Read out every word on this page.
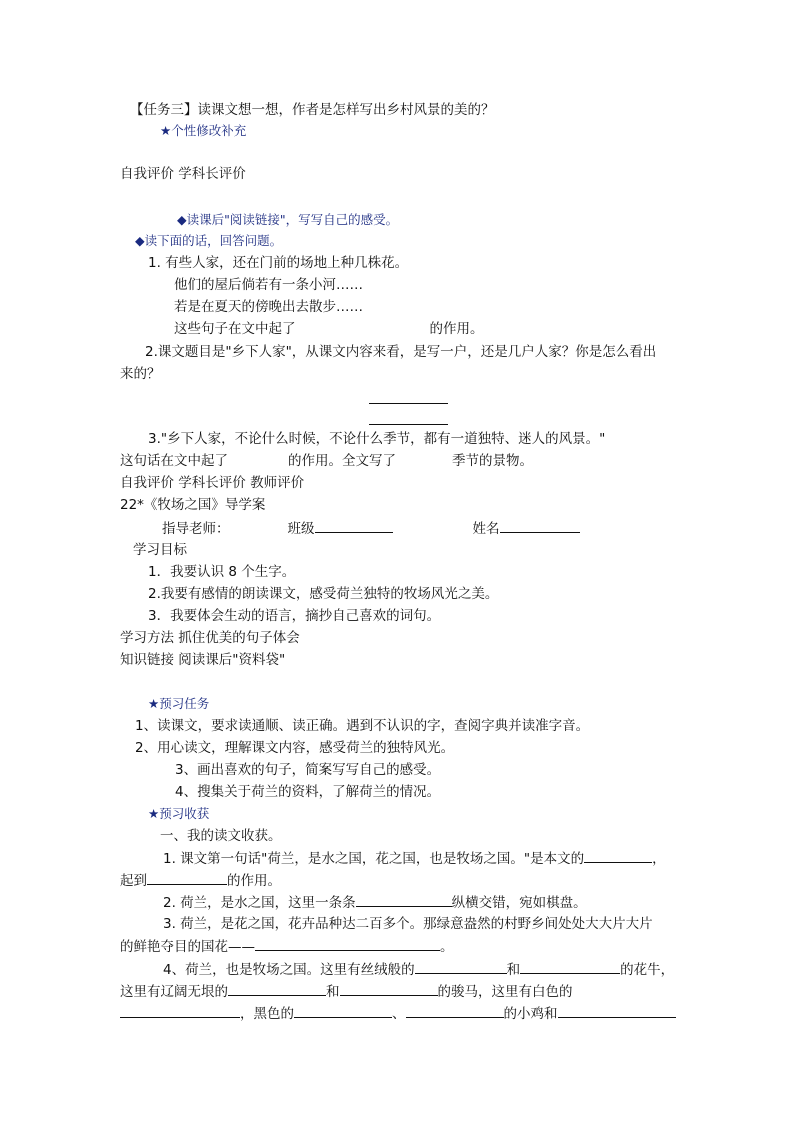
【任务三】读课文想一想，作者是怎样写出乡村风景的美的？
★个性修改补充
自我评价 学科长评价
◆读课后"阅读链接"，写写自己的感受。
◆读下面的话，回答问题。
1. 有些人家，还在门前的场地上种几株花。
他们的屋后倘若有一条小河……
若是在夏天的傍晚出去散步……
这些句子在文中起了	的作用。
2.课文题目是"乡下人家"，从课文内容来看，是写一户，还是几户人家？你是怎么看出
来的？
3."乡下人家，不论什么时候，不论什么季节，都有一道独特、迷人的风景。"
这句话在文中起了	的作用。全文写了	季节的景物。
自我评价 学科长评价 教师评价
22*《牧场之国》导学案
指导老师：	班级	姓名
学习目标
1．我要认识 8 个生字。
2.我要有感情的朗读课文，感受荷兰独特的牧场风光之美。
3．我要体会生动的语言，摘抄自己喜欢的词句。
学习方法 抓住优美的句子体会
知识链接 阅读课后"资料袋"
★预习任务
1、读课文，要求读通顺、读正确。遇到不认识的字，查阅字典并读准字音。
2、用心读文，理解课文内容，感受荷兰的独特风光。
3、画出喜欢的句子，简案写写自己的感受。
4、搜集关于荷兰的资料，了解荷兰的情况。
★预习收获
一、我的读文收获。
1. 课文第一句话"荷兰，是水之国，花之国，也是牧场之国。"是本文的	，
起到	的作用。
2. 荷兰，是水之国，这里一条条	纵横交错，宛如棋盘。
3. 荷兰，是花之国，花卉品种达二百多个。那绿意盎然的村野乡间处处大大片大片
的鲜艳夺目的国花——	。
4、荷兰，也是牧场之国。这里有丝绒般的	和	的花牛，
这里有辽阔无垠的	和	的骏马，这里有白色的
，黑色的	、	的小鸡和
